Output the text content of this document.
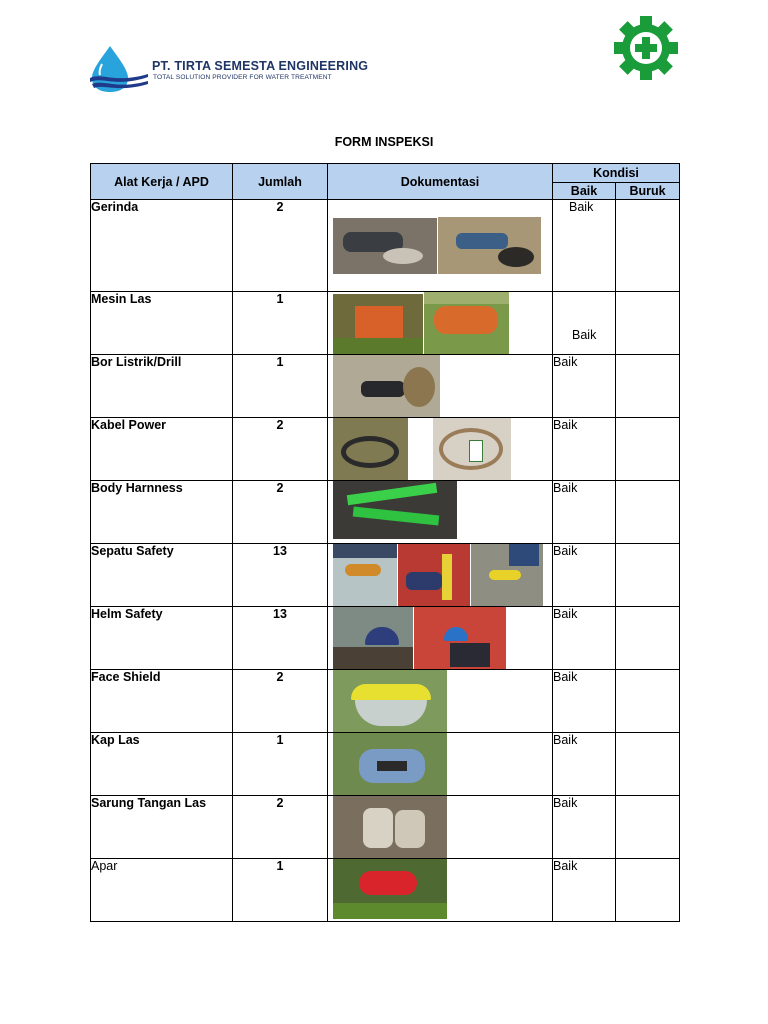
PT. TIRTA SEMESTA ENGINEERING
TOTAL SOLUTION PROVIDER FOR WATER TREATMENT
FORM INSPEKSI
Alat Kerja / APD	Jumlah	Dokumentasi	Kondisi	
			Baik	Buruk
Gerinda	2		Baik	
Mesin Las	1		Baik	
Bor Listrik/Drill	1		Baik	
Kabel Power	2		Baik	
Body Harnness	2		Baik	
Sepatu Safety	13		Baik	
Helm Safety	13		Baik	
Face Shield	2		Baik	
Kap Las	1		Baik	
Sarung Tangan Las	2		Baik	
Apar	1		Baik	
